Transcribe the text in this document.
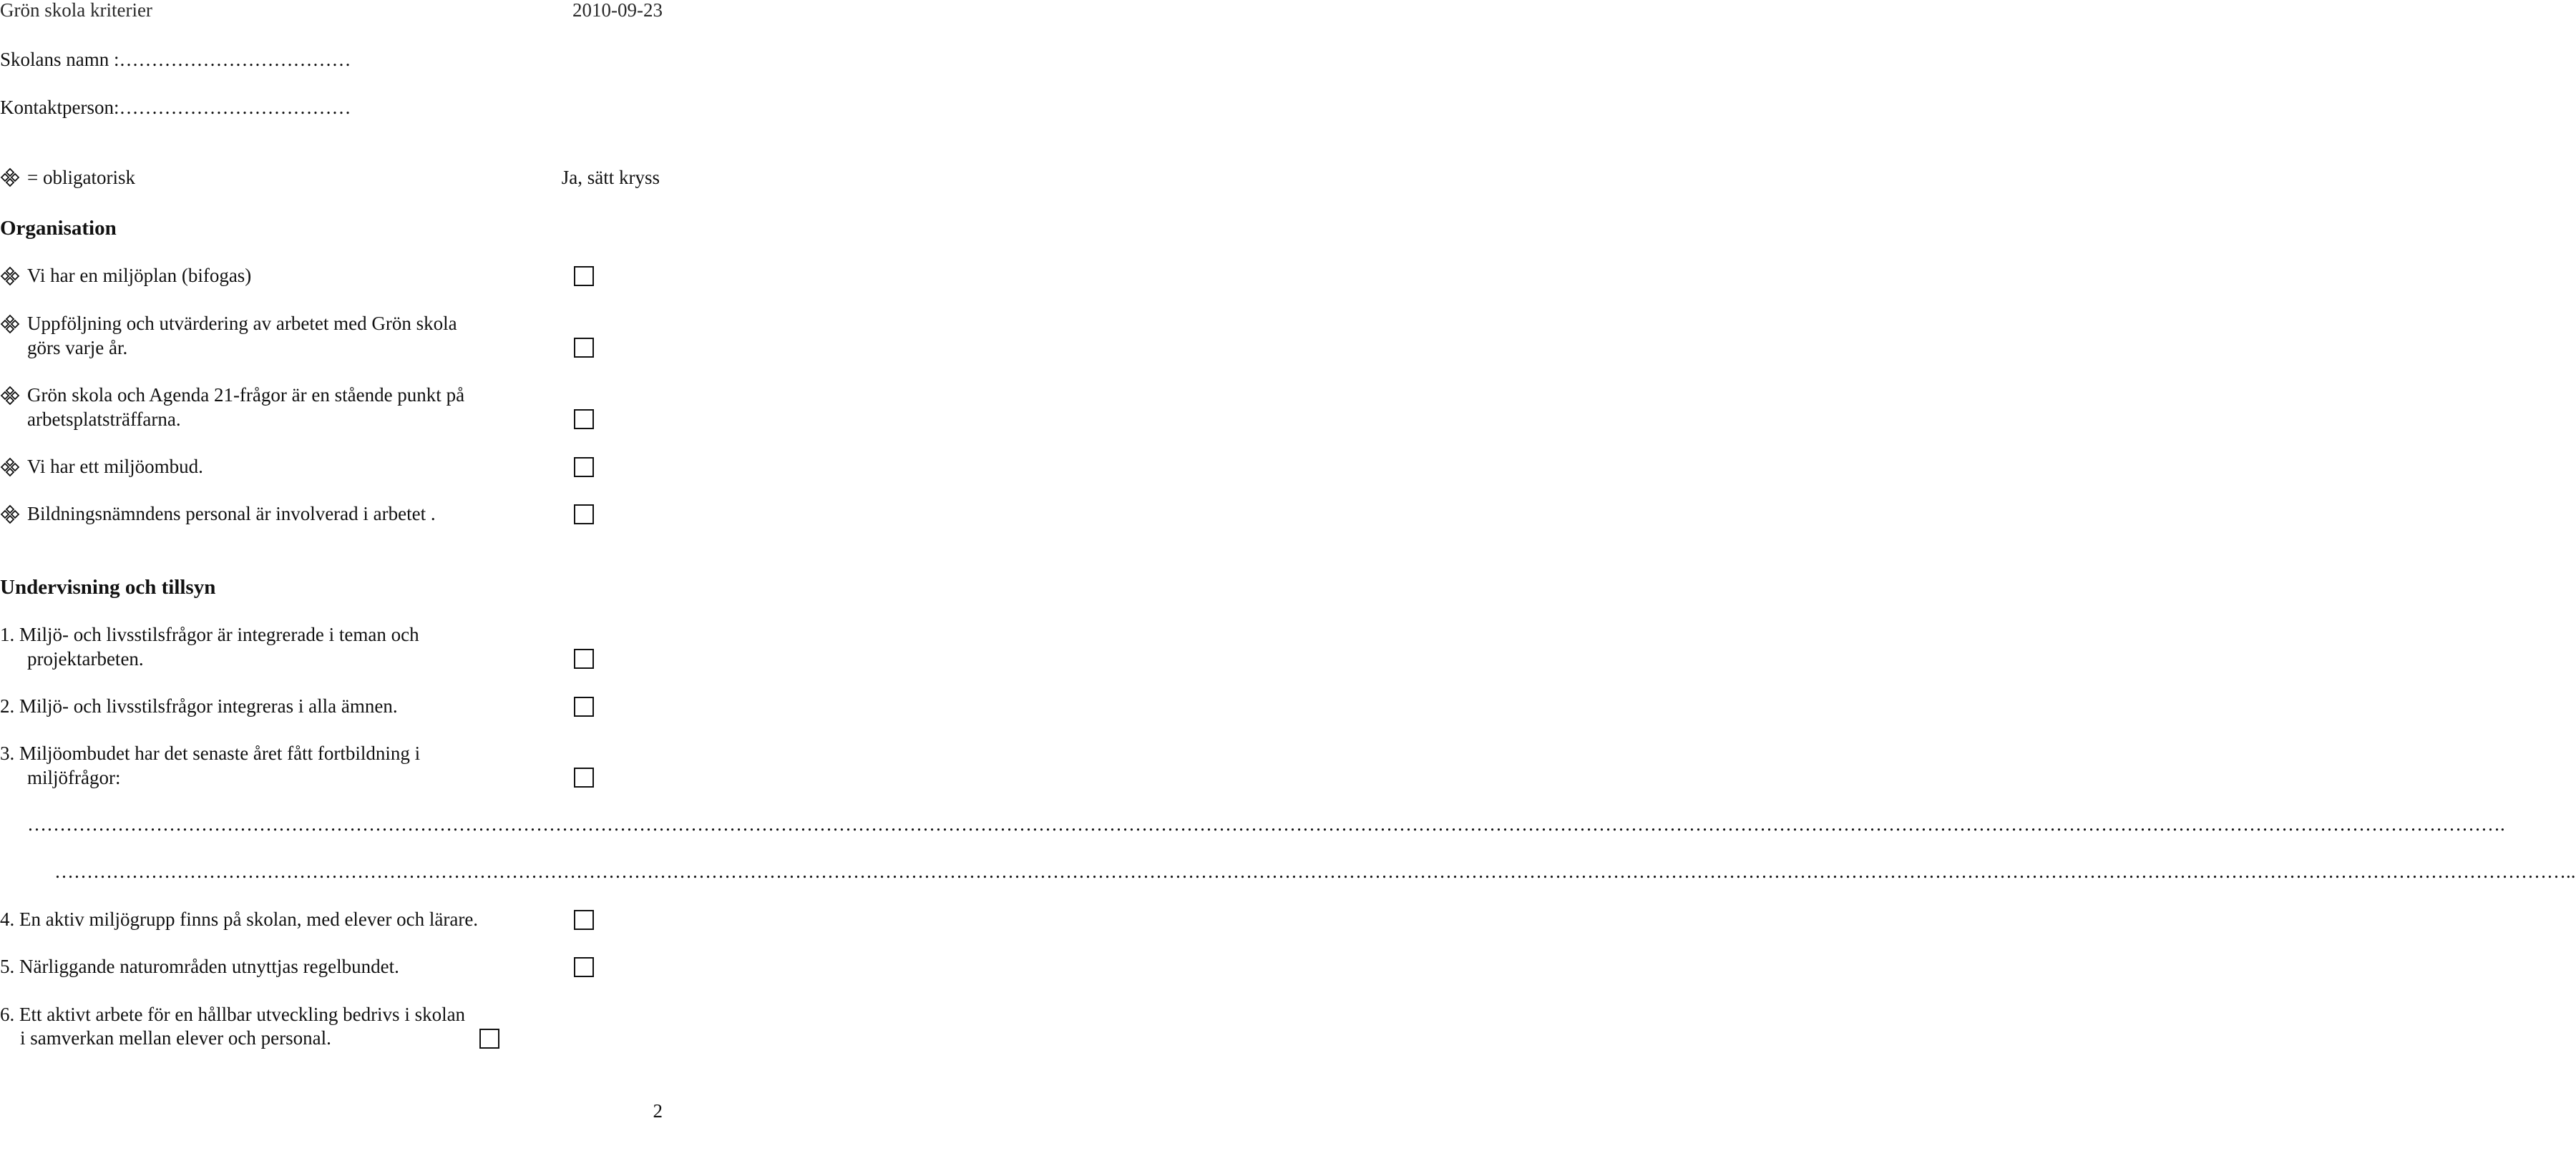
Grön skola kriterier	2010-09-23
Skolans namn :………………………………
Kontaktperson:………………………………
= obligatorisk	Ja, sätt kryss
Organisation
Vi har en miljöplan (bifogas)
Uppföljning och utvärdering av arbetet med Grön skola
görs varje år.
Grön skola och Agenda 21-frågor är en stående punkt på
arbetsplatsträffarna.
Vi har ett miljöombud.
Bildningsnämndens personal är involverad i arbetet .
Undervisning och tillsyn
1. Miljö- och livsstilsfrågor är integrerade i teman och
projektarbeten.
2. Miljö- och livsstilsfrågor integreras i alla ämnen.
3. Miljöombudet har det senaste året fått fortbildning i
miljöfrågor:
…………………………………………………………………………………………………………………………………………………………………………………………………………………………………………………………………………………………………………………………………………………….
…………………………………………………………………………………………………………………………………………………………………………………………………………………………………………………………………………………………………………………………………………………………..
4. En aktiv miljögrupp finns på skolan, med elever och lärare.
5. Närliggande naturområden utnyttjas regelbundet.
6. Ett aktivt arbete för en hållbar utveckling bedrivs i skolan
i samverkan mellan elever och personal.
2
